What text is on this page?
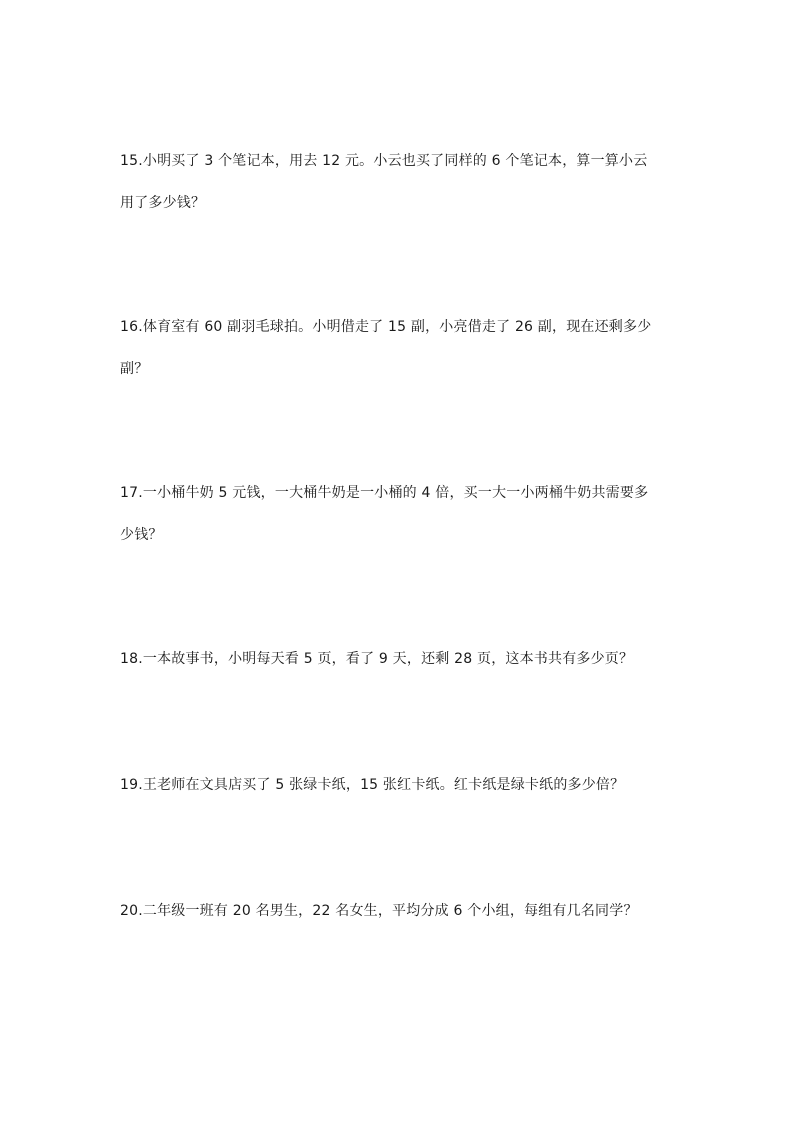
15.小明买了 3 个笔记本，用去 12 元。小云也买了同样的 6 个笔记本，算一算小云
用了多少钱？
16.体育室有 60 副羽毛球拍。小明借走了 15 副，小亮借走了 26 副，现在还剩多少
副？
17.一小桶牛奶 5 元钱，一大桶牛奶是一小桶的 4 倍，买一大一小两桶牛奶共需要多
少钱？
18.一本故事书，小明每天看 5 页，看了 9 天，还剩 28 页，这本书共有多少页？
19.王老师在文具店买了 5 张绿卡纸，15 张红卡纸。红卡纸是绿卡纸的多少倍？
20.二年级一班有 20 名男生，22 名女生，平均分成 6 个小组，每组有几名同学？
